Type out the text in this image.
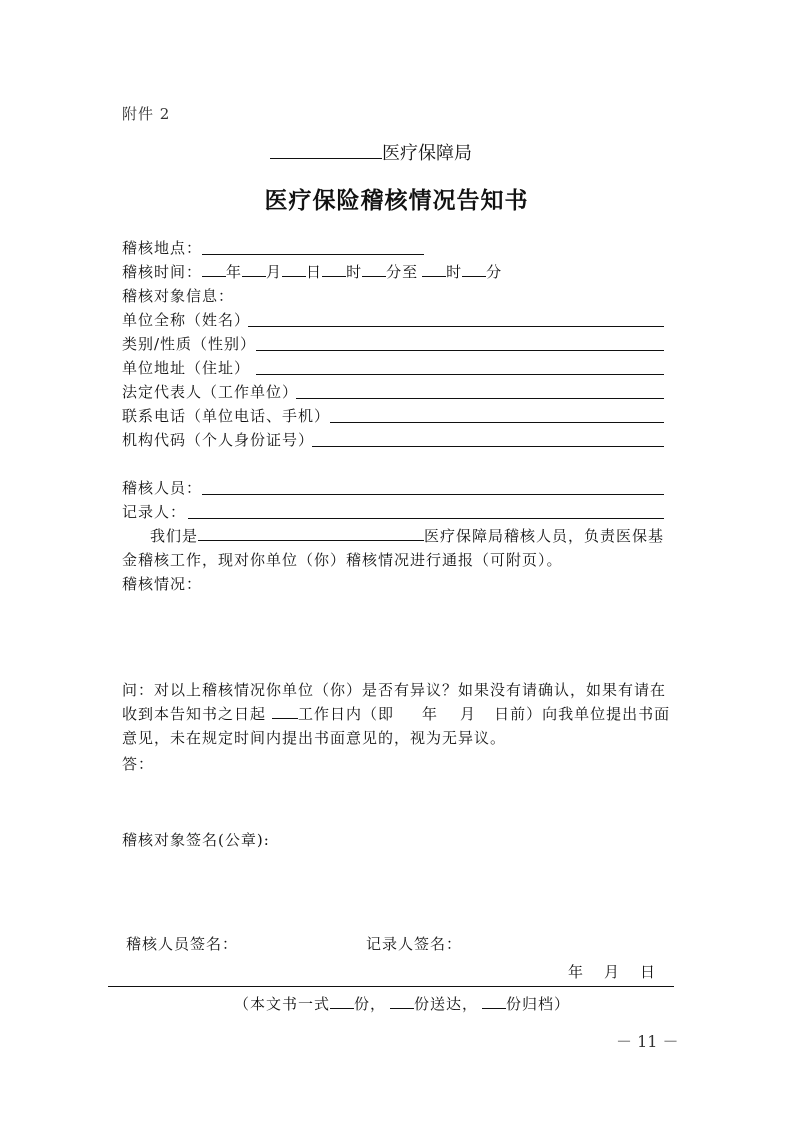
附件 2
医疗保障局
医疗保险稽核情况告知书
稽核地点：
稽核时间： 年 月 日 时 分至 时 分
稽核对象信息：
单位全称（姓名）
类别/性质（性别）
单位地址（住址）
法定代表人（工作单位）
联系电话（单位电话、手机）
机构代码（个人身份证号）
稽核人员：
记录人：
我们是	医疗保障局稽核人员，负责医保基
金稽核工作，现对你单位（你）稽核情况进行通报（可附页）。
稽核情况：
问：对以上稽核情况你单位（你）是否有异议？如果没有请确认，如果有请在
收到本告知书之日起 工作日内（即 年 月 日前）向我单位提出书面
意见，未在规定时间内提出书面意见的，视为无异议。
答：
稽核对象签名(公章):
稽核人员签名：	记录人签名：
年 月 日
（本文书一式 份， 份送达， 份归档）
－ 11 －
